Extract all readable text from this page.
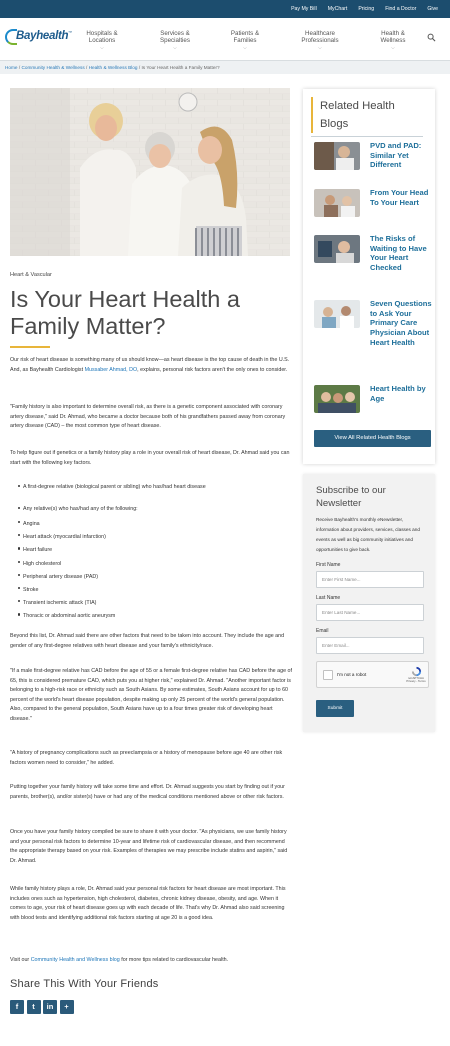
Pay My Bill MyChart Pricing Find a Doctor Give
Bayhealth™	Hospitals &
Locations
⌵
Services &
Specialties
⌵
Patients &
Families
⌵
Healthcare
Professionals
⌵
Health &
Wellness
⌵
Home / Community Health & Wellness / Health & Wellness Blog / Is Your Heart Health a Family Matter?
Heart & Vascular
Is Your Heart Health a Family Matter?

Our risk of heart disease is something many of us should know—as heart disease is the top cause of death in the U.S. And, as Bayhealth Cardiologist Mussaber Ahmad, DO, explains, personal risk factors aren't the only ones to consider.

"Family history is also important to determine overall risk, as there is a genetic component associated with coronary artery disease," said Dr. Ahmad, who became a doctor because both of his grandfathers passed away from coronary artery disease (CAD) – the most common type of heart disease.

To help figure out if genetics or a family history play a role in your overall risk of heart disease, Dr. Ahmad said you can start with the following key factors.

A first-degree relative (biological parent or sibling) who has/had heart disease
Any relative(s) who has/had any of the following:
Angina
Heart attack (myocardial infarction)
Heart failure
High cholesterol
Peripheral artery disease (PAD)
Stroke
Transient ischemic attack (TIA)
Thoracic or abdominal aortic aneurysm

Beyond this list, Dr. Ahmad said there are other factors that need to be taken into account. They include the age and gender of any first-degree relatives with heart disease and your family's ethnicity/race.

"If a male first-degree relative has CAD before the age of 55 or a female first-degree relative has CAD before the age of 65, this is considered premature CAD, which puts you at higher risk," explained Dr. Ahmad. "Another important factor is belonging to a high-risk race or ethnicity such as South Asians. By some estimates, South Asians account for up to 60 percent of the world's heart disease population, despite making up only 25 percent of the world's general population. Also, compared to the general population, South Asians have up to a four times greater risk of developing heart disease."

"A history of pregnancy complications such as preeclampsia or a history of menopause before age 40 are other risk factors women need to consider," he added.

Putting together your family history will take some time and effort. Dr. Ahmad suggests you start by finding out if your parents, brother(s), and/or sister(s) have or had any of the medical conditions mentioned above or other risk factors.

Once you have your family history compiled be sure to share it with your doctor. "As physicians, we use family history and your personal risk factors to determine 10-year and lifetime risk of cardiovascular disease, and then recommend the appropriate therapy based on your risk. Examples of therapies we may prescribe include statins and aspirin," said Dr. Ahmad.

While family history plays a role, Dr. Ahmad said your personal risk factors for heart disease are most important. This includes ones such as hypertension, high cholesterol, diabetes, chronic kidney disease, obesity, and age. When it comes to age, your risk of heart disease goes up with each decade of life. That's why Dr. Ahmad also said screening with blood tests and identifying additional risk factors starting at age 20 is a good idea.

Visit our Community Health and Wellness blog for more tips related to cardiovascular health.

Share This With Your Friends
f	t	in	+
Related Health Blogs
PVD and PAD: Similar Yet Different
From Your Head To Your Heart
The Risks of Waiting to Have Your Heart Checked
Seven Questions to Ask Your Primary Care Physician About Heart Health
Heart Health by Age
View All Related Health Blogs
Subscribe to our Newsletter
Receive Bayhealth's monthly eNewsletter, information about providers, services, classes and events as well as big community initiatives and opportunities to give back.
First Name
Enter First Name...
Last Name
Enter Last Name...
Email
Enter Email...
I'm not a robot
reCAPTCHA
Privacy - Terms
Submit
